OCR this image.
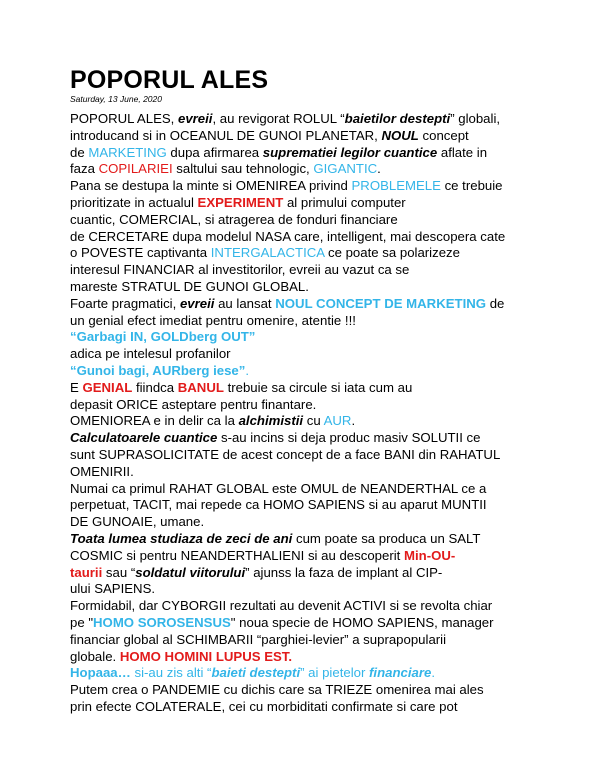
POPORUL ALES

Saturday, 13 June, 2020

POPORUL ALES, evreii, au revigorat ROLUL “baietilor destepti” globali,
introducand si in OCEANUL DE GUNOI PLANETAR, NOUL concept
de MARKETING dupa afirmarea suprematiei legilor cuantice aflate in
faza COPILARIEI saltului sau tehnologic, GIGANTIC.
Pana se destupa la minte si OMENIREA privind PROBLEMELE ce trebuie
prioritizate in actualul EXPERIMENT al primului computer
cuantic, COMERCIAL, si atragerea de fonduri financiare
de CERCETARE dupa modelul NASA care, intelligent, mai descopera cate
o POVESTE captivanta INTERGALACTICA ce poate sa polarizeze
interesul FINANCIAR al investitorilor, evreii au vazut ca se
mareste STRATUL DE GUNOI GLOBAL.
Foarte pragmatici, evreii au lansat NOUL CONCEPT DE MARKETING de
un genial efect imediat pentru omenire, atentie !!!
“Garbagi IN, GOLDberg OUT”
adica pe intelesul profanilor
“Gunoi bagi, AURberg iese”.
E GENIAL fiindca BANUL trebuie sa circule si iata cum au
depasit ORICE asteptare pentru finantare.
OMENIOREA e in delir ca la alchimistii cu AUR.
Calculatoarele cuantice s-au incins si deja produc masiv SOLUTII ce
sunt SUPRASOLICITATE de acest concept de a face BANI din RAHATUL
OMENIRII.
Numai ca primul RAHAT GLOBAL este OMUL de NEANDERTHAL ce a
perpetuat, TACIT, mai repede ca HOMO SAPIENS si au aparut MUNTII
DE GUNOAIE, umane.
Toata lumea studiaza de zeci de ani cum poate sa produca un SALT
COSMIC si pentru NEANDERTHALIENI si au descoperit Min-OU-
taurii sau “soldatul viitorului” ajunss la faza de implant al CIP-
ului SAPIENS.
Formidabil, dar CYBORGII rezultati au devenit ACTIVI si se revolta chiar
pe "HOMO SOROSENSUS" noua specie de HOMO SAPIENS, manager
financiar global al SCHIMBARII “parghiei-levier” a suprapopularii
globale. HOMO HOMINI LUPUS EST.
Hopaaa… si-au zis alti “baieti destepti” ai pietelor financiare.
Putem crea o PANDEMIE cu dichis care sa TRIEZE omenirea mai ales
prin efecte COLATERALE, cei cu morbiditati confirmate si care pot
